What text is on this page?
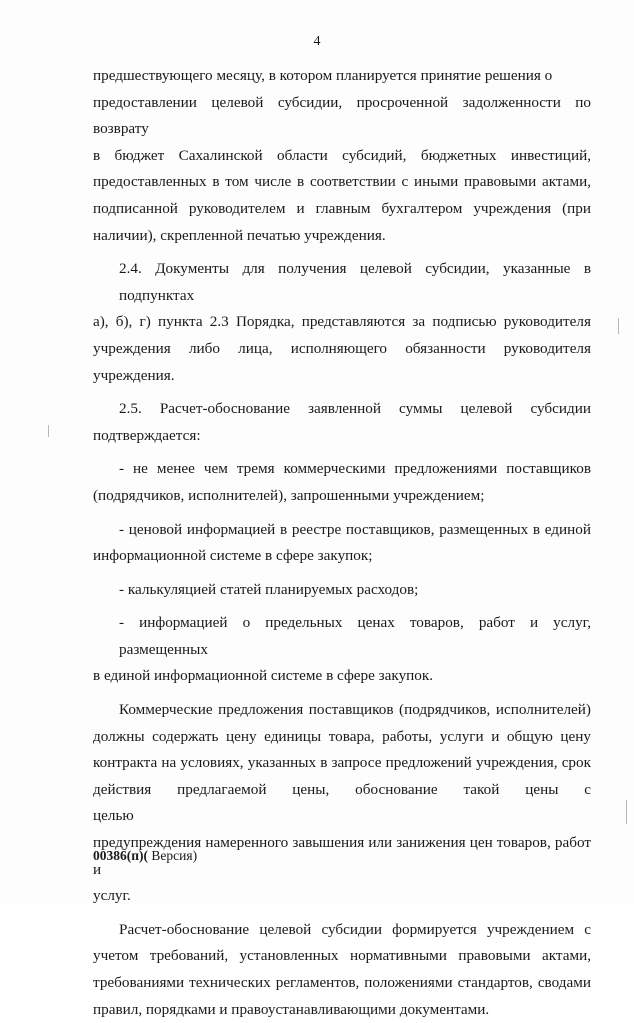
4

предшествующего месяцу, в котором планируется принятие решения о
предоставлении целевой субсидии, просроченной задолженности по возврату
в бюджет Сахалинской области субсидий, бюджетных инвестиций,
предоставленных в том числе в соответствии с иными правовыми актами,
подписанной руководителем и главным бухгалтером учреждения (при
наличии), скрепленной печатью учреждения.

2.4. Документы для получения целевой субсидии, указанные в подпунктах
а), б), г) пункта 2.3 Порядка, представляются за подписью руководителя
учреждения либо лица, исполняющего обязанности руководителя
учреждения.

2.5. Расчет-обоснование заявленной суммы целевой субсидии
подтверждается:

- не менее чем тремя коммерческими предложениями поставщиков
(подрядчиков, исполнителей), запрошенными учреждением;

- ценовой информацией в реестре поставщиков, размещенных в единой
информационной системе в сфере закупок;

- калькуляцией статей планируемых расходов;

- информацией о предельных ценах товаров, работ и услуг, размещенных
в единой информационной системе в сфере закупок.

Коммерческие предложения поставщиков (подрядчиков, исполнителей)
должны содержать цену единицы товара, работы, услуги и общую цену
контракта на условиях, указанных в запросе предложений учреждения, срок
действия предлагаемой цены, обоснование такой цены с целью
предупреждения намеренного завышения или занижения цен товаров, работ и
услуг.

Расчет-обоснование целевой субсидии формируется учреждением с
учетом требований, установленных нормативными правовыми актами,
требованиями технических регламентов, положениями стандартов, сводами
правил, порядками и правоустанавливающими документами.

00386(п)( Версия)
